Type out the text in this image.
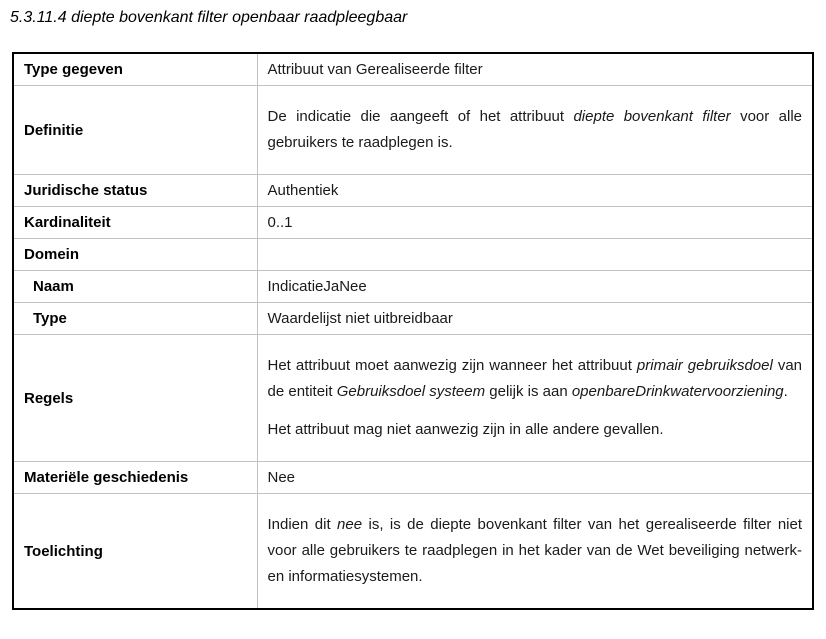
5.3.11.4 diepte bovenkant filter openbaar raadpleegbaar
Type gegeven	Attribuut van Gerealiseerde filter

Definitie	De indicatie die aangeeft of het attribuut diepte bovenkant filter voor alle gebruikers te raadplegen is.

Juridische status	Authentiek

Kardinaliteit	0..1

Domein	
Naam	IndicatieJaNee

Type	Waardelijst niet uitbreidbaar

Regels	Het attribuut moet aanwezig zijn wanneer het attribuut primair gebruiksdoel van de entiteit Gebruiksdoel systeem gelijk is aan openbareDrinkwatervoorziening.
Het attribuut mag niet aanwezig zijn in alle andere gevallen.

Materiële geschiedenis	Nee

Toelichting	Indien dit nee is, is de diepte bovenkant filter van het gerealiseerde filter niet voor alle gebruikers te raadplegen in het kader van de Wet beveiliging netwerk- en informatiesystemen.
